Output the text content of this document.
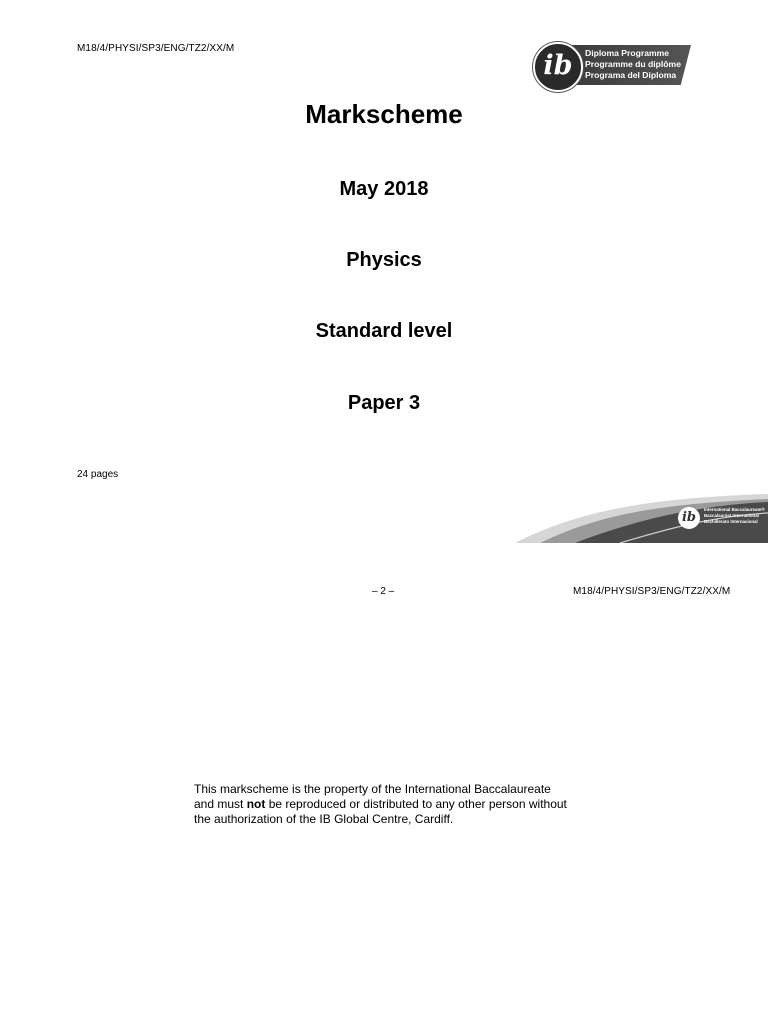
M18/4/PHYSI/SP3/ENG/TZ2/XX/M
ib	Diploma Programme
Programme du diplôme
Programa del Diploma
Markscheme
May 2018
Physics
Standard level
Paper 3
24 pages
ib
International Baccalaureate®
Baccalauréat International
Bachillerato Internacional
– 2 –	M18/4/PHYSI/SP3/ENG/TZ2/XX/M
This markscheme is the property of the International Baccalaureate and must not be reproduced or distributed to any other person without the authorization of the IB Global Centre, Cardiff.
